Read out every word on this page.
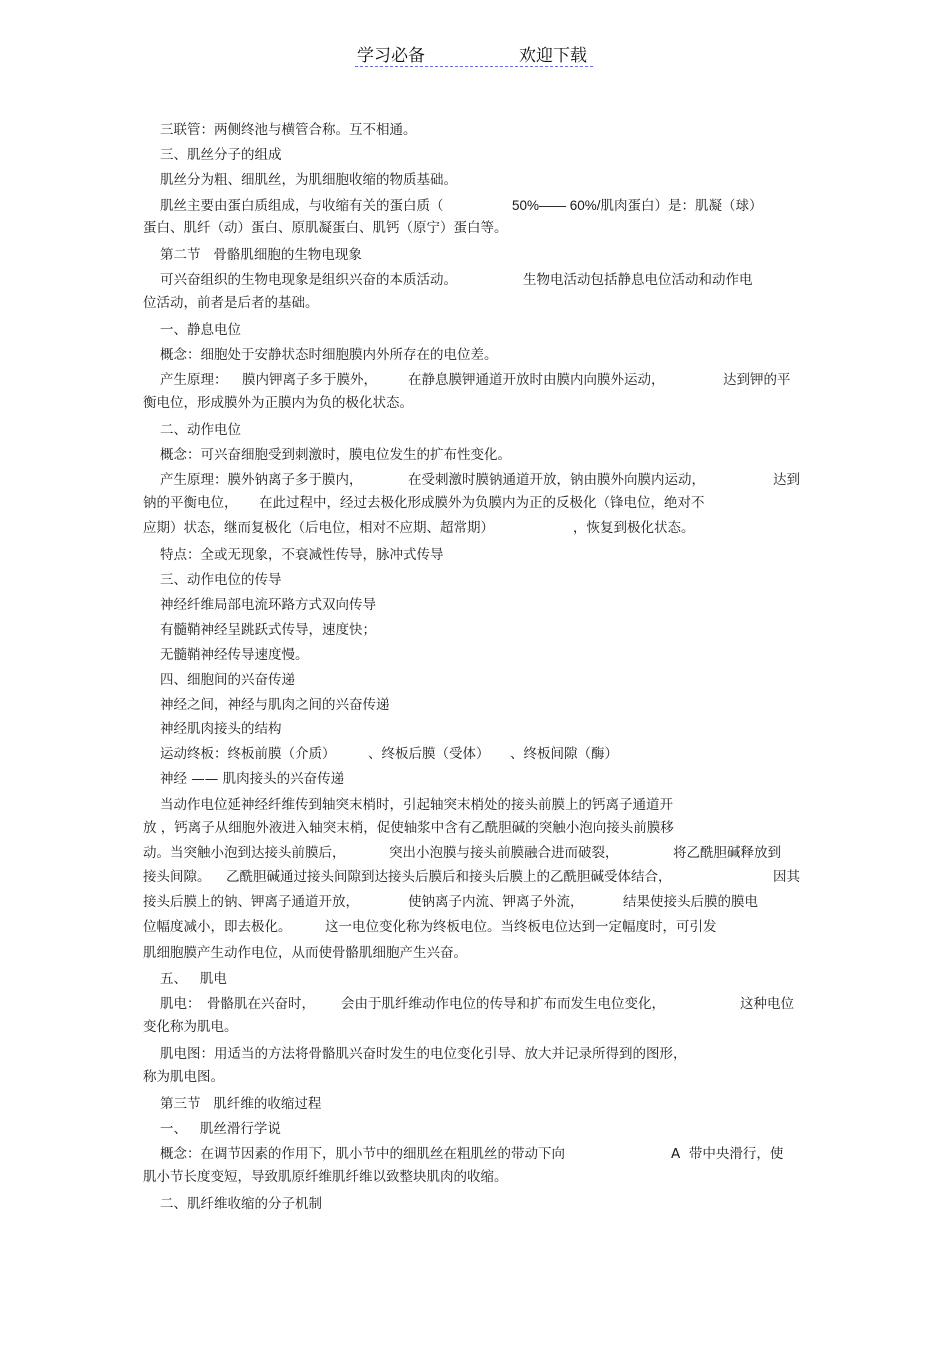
学习必备	欢迎下载
三联管：两侧终池与横管合称。互不相通。
三、肌丝分子的组成
肌丝分为粗、细肌丝，为肌细胞收缩的物质基础。
肌丝主要由蛋白质组成，与收缩有关的蛋白质（	50%—— 60%/肌肉蛋白）是：肌凝（球）
蛋白、肌纤（动）蛋白、原肌凝蛋白、肌钙（原宁）蛋白等。
第二节   骨骼肌细胞的生物电现象
可兴奋组织的生物电现象是组织兴奋的本质活动。	生物电活动包括静息电位活动和动作电
位活动，前者是后者的基础。
一、静息电位
概念：细胞处于安静状态时细胞膜内外所存在的电位差。
产生原理： 膜内钾离子多于膜外， 在静息膜钾通道开放时由膜内向膜外运动，	达到钾的平
衡电位，形成膜外为正膜内为负的极化状态。
二、动作电位
概念：可兴奋细胞受到刺激时，膜电位发生的扩布性变化。
产生原理：膜外钠离子多于膜内，	在受刺激时膜钠通道开放，钠由膜外向膜内运动，	达到
钠的平衡电位， 在此过程中，经过去极化形成膜外为负膜内为正的反极化（锋电位，绝对不
应期）状态，继而复极化（后电位，相对不应期、超常期）	，恢复到极化状态。
特点：全或无现象，不衰减性传导，脉冲式传导
三、动作电位的传导
神经纤维局部电流环路方式双向传导
有髓鞘神经呈跳跃式传导，速度快；
无髓鞘神经传导速度慢。
四、细胞间的兴奋传递
神经之间，神经与肌肉之间的兴奋传递
神经肌肉接头的结构
运动终板：终板前膜（介质） 、终板后膜（受体） 、终板间隙（酶）
神经 —— 肌肉接头的兴奋传递
当动作电位延神经纤维传到轴突末梢时，引起轴突末梢处的接头前膜上的钙离子通道开
放 ，钙离子从细胞外液进入轴突末梢，促使轴浆中含有乙酰胆碱的突触小泡向接头前膜移
动。当突触小泡到达接头前膜后，	突出小泡膜与接头前膜融合进而破裂，	将乙酰胆碱释放到
接头间隙。 乙酰胆碱通过接头间隙到达接头后膜后和接头后膜上的乙酰胆碱受体结合，	因其
接头后膜上的钠、钾离子通道开放，	使钠离子内流、钾离子外流，	结果使接头后膜的膜电
位幅度减小，即去极化。 这一电位变化称为终板电位。当终板电位达到一定幅度时，可引发
肌细胞膜产生动作电位，从而使骨骼肌细胞产生兴奋。
五、   肌电
肌电： 骨骼肌在兴奋时， 会由于肌纤维动作电位的传导和扩布而发生电位变化，	这种电位
变化称为肌电。
肌电图：用适当的方法将骨骼肌兴奋时发生的电位变化引导、放大并记录所得到的图形，
称为肌电图。
第三节   肌纤维的收缩过程
一、   肌丝滑行学说
概念：在调节因素的作用下，肌小节中的细肌丝在粗肌丝的带动下向	A  带中央滑行，使
肌小节长度变短，导致肌原纤维肌纤维以致整块肌肉的收缩。
二、肌纤维收缩的分子机制
